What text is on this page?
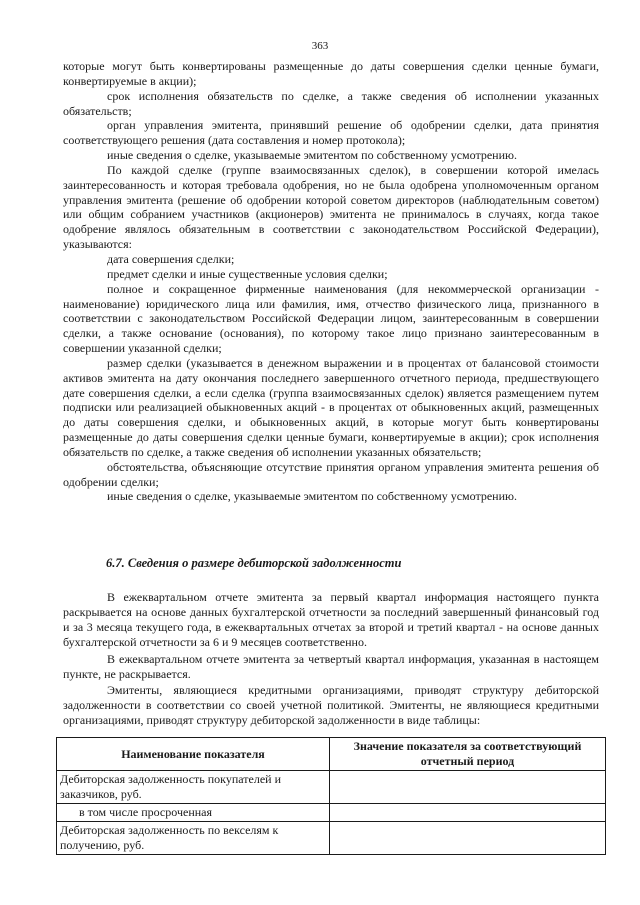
363

которые могут быть конвертированы размещенные до даты совершения сделки ценные бумаги, конвертируемые в акции);

срок исполнения обязательств по сделке, а также сведения об исполнении указанных обязательств;

орган управления эмитента, принявший решение об одобрении сделки, дата принятия соответствующего решения (дата составления и номер протокола);

иные сведения о сделке, указываемые эмитентом по собственному усмотрению.

По каждой сделке (группе взаимосвязанных сделок), в совершении которой имелась заинтересованность и которая требовала одобрения, но не была одобрена уполномоченным органом управления эмитента (решение об одобрении которой советом директоров (наблюдательным советом) или общим собранием участников (акционеров) эмитента не принималось в случаях, когда такое одобрение являлось обязательным в соответствии с законодательством Российской Федерации), указываются:

дата совершения сделки;

предмет сделки и иные существенные условия сделки;

полное и сокращенное фирменные наименования (для некоммерческой организации - наименование) юридического лица или фамилия, имя, отчество физического лица, признанного в соответствии с законодательством Российской Федерации лицом, заинтересованным в совершении сделки, а также основание (основания), по которому такое лицо признано заинтересованным в совершении указанной сделки;

размер сделки (указывается в денежном выражении и в процентах от балансовой стоимости активов эмитента на дату окончания последнего завершенного отчетного периода, предшествующего дате совершения сделки, а если сделка (группа взаимосвязанных сделок) является размещением путем подписки или реализацией обыкновенных акций - в процентах от обыкновенных акций, размещенных до даты совершения сделки, и обыкновенных акций, в которые могут быть конвертированы размещенные до даты совершения сделки ценные бумаги, конвертируемые в акции); срок исполнения обязательств по сделке, а также сведения об исполнении указанных обязательств;

обстоятельства, объясняющие отсутствие принятия органом управления эмитента решения об одобрении сделки;

иные сведения о сделке, указываемые эмитентом по собственному усмотрению.

6.7. Сведения о размере дебиторской задолженности

В ежеквартальном отчете эмитента за первый квартал информация настоящего пункта раскрывается на основе данных бухгалтерской отчетности за последний завершенный финансовый год и за 3 месяца текущего года, в ежеквартальных отчетах за второй и третий квартал - на основе данных бухгалтерской отчетности за 6 и 9 месяцев соответственно.

В ежеквартальном отчете эмитента за четвертый квартал информация, указанная в настоящем пункте, не раскрывается.

Эмитенты, являющиеся кредитными организациями, приводят структуру дебиторской задолженности в соответствии со своей учетной политикой. Эмитенты, не являющиеся кредитными организациями, приводят структуру дебиторской задолженности в виде таблицы:

Наименование показателя	Значение показателя за соответствующий отчетный период
Дебиторская задолженность покупателей и заказчиков, руб.	
в том числе просроченная	
Дебиторская задолженность по векселям к получению, руб.	
